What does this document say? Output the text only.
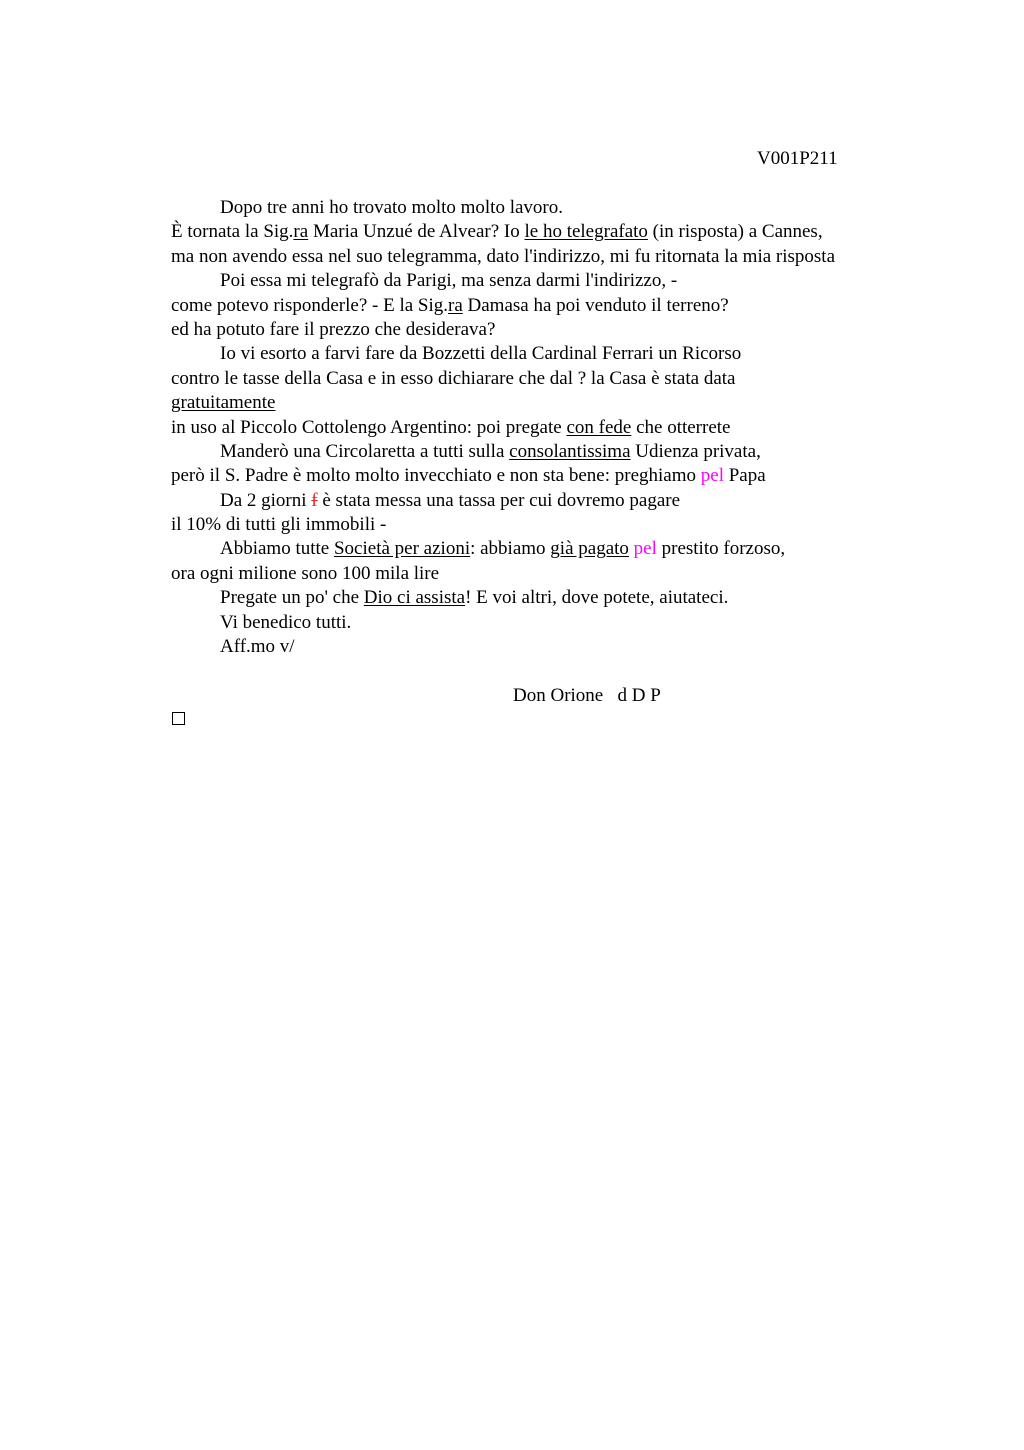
V001P211
Dopo tre anni ho trovato molto molto lavoro.
È tornata la Sig.ra Maria Unzué de Alvear? Io le ho telegrafato (in risposta) a Cannes,
ma non avendo essa nel suo telegramma, dato l'indirizzo, mi fu ritornata la mia risposta
Poi essa mi telegrafò da Parigi, ma senza darmi l'indirizzo, -
come potevo risponderle? - E la Sig.ra Damasa ha poi venduto il terreno?
ed ha potuto fare il prezzo che desiderava?
Io vi esorto a farvi fare da Bozzetti della Cardinal Ferrari un Ricorso
contro le tasse della Casa e in esso dichiarare che dal ? la Casa è stata data
gratuitamente
in uso al Piccolo Cottolengo Argentino: poi pregate con fede che otterrete
Manderò una Circolaretta a tutti sulla consolantissima Udienza privata,
però il S. Padre è molto molto invecchiato e non sta bene: preghiamo pel Papa
Da 2 giorni f è stata messa una tassa per cui dovremo pagare
il 10% di tutti gli immobili -
Abbiamo tutte Società per azioni: abbiamo già pagato pel prestito forzoso,
ora ogni milione sono 100 mila lire
Pregate un po' che Dio ci assista! E voi altri, dove potete, aiutateci.
Vi benedico tutti.
Aff.mo v/
Don Orione   d D P
